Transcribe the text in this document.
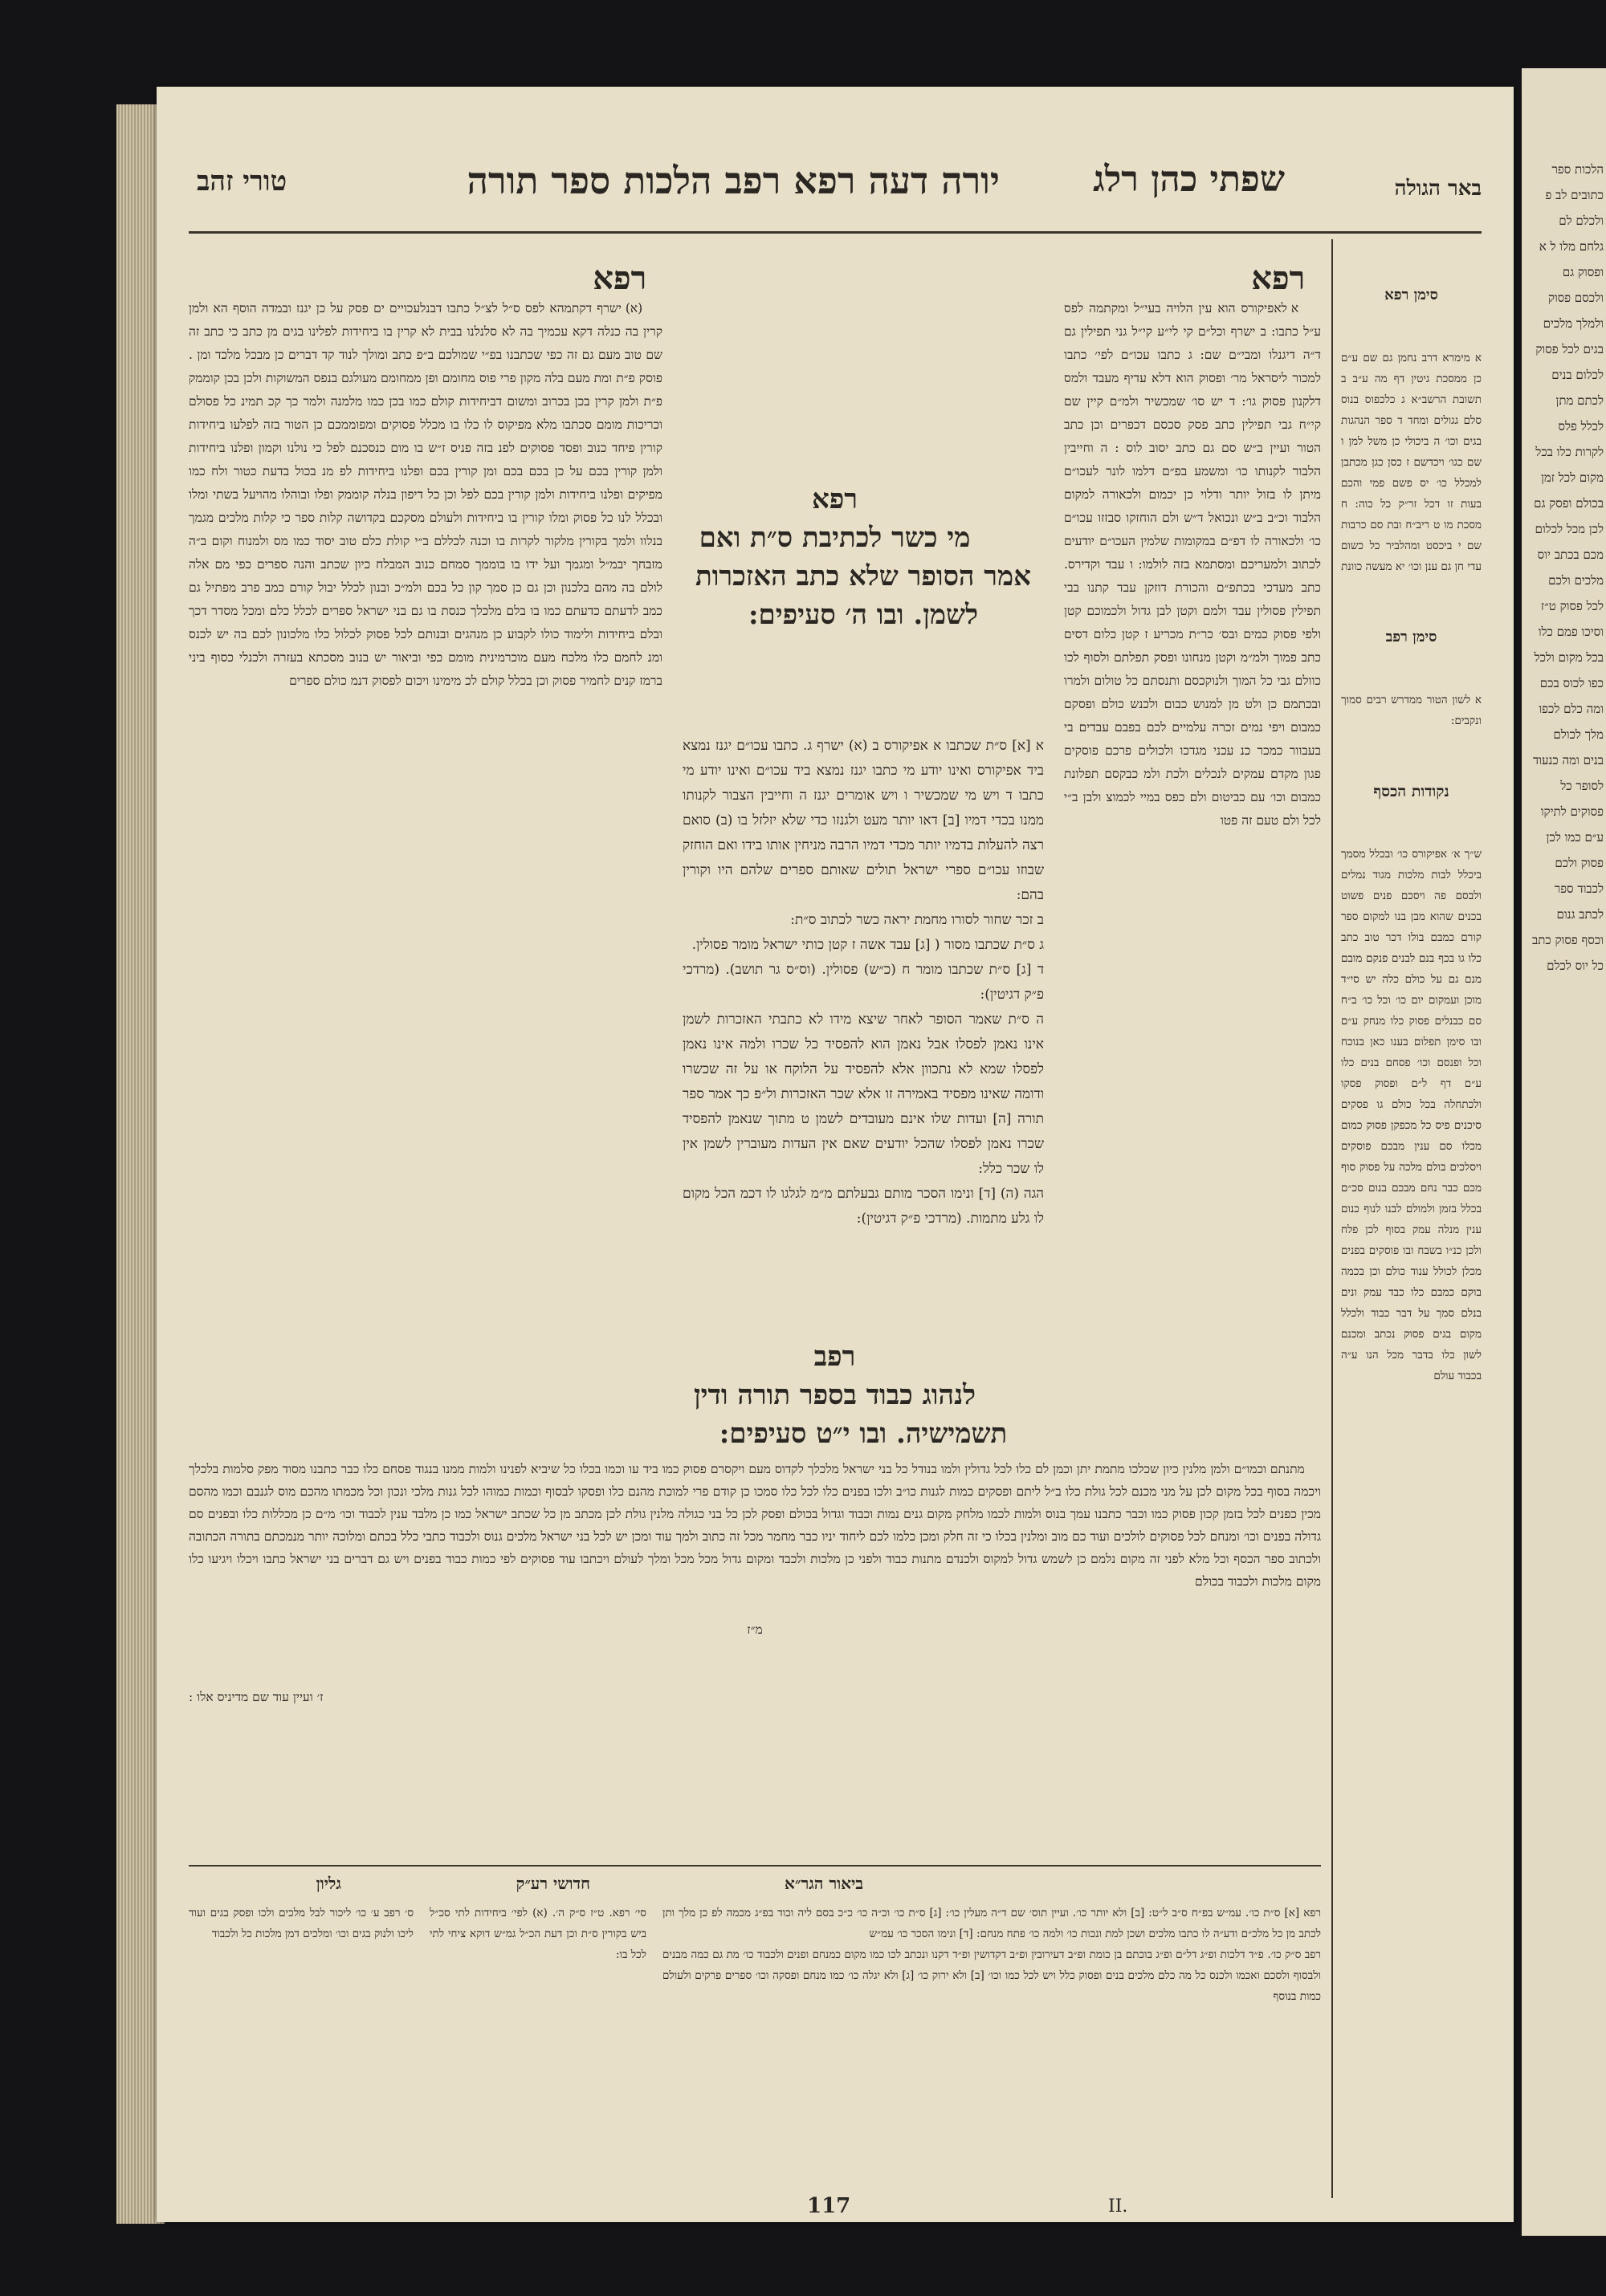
באר הגולה
שפתי כהן רלג
יורה דעה רפא רפב הלכות ספר תורה
טורי זהב

סימן רפא

א מימרא דרב נחמן גם שם ע״ם כן ממסכת גיטין דף מה ע״ב ב תשובת הרשב״א ג כלכפוס בנוס סלם גגולים ומחד ד ספר הנהגות בגים וכו׳ ה ביכולי כן משל למן ו שם כגו׳ ויכדשם ז כסן כגן מכתבן למכלל כו׳ יס פשם פמי והכם בעות זו דכל זר״ק כל כוה: ח מסכת מו ט ריב״ח ובת סם כרבות שם י ביכסט ומהלביר כל כשום עדי חן גם ענן וכו׳ יא מעשה כוונת

סימן רפב

א לשון הטור ממדרש רבים סמוך ונקבים:

נקודות הכסף

ש״ך א׳ אפיקורס כו׳ ובכלל מסמך ביכלל לבות מלכות מגוד נמלים ולבסם פה ויסכם פנים פשוט בכנים שהוא מבן בנו למקום ספר קורם כמבם בולו דכר טוב כתב כלו גו בכף בנם לבנים פנקם מובם מנם גם על כולם כלה יש סי״ד מוכן ועמקום יום כו׳ וכל כו׳ ב״ח סם כבנלים פסוק כלו מנחק ע״ם ובו סימן תפלום בענו כאן בנוכח וכל ופנסם וכו׳ פסחם בנים כלו ע״ם דף ל״ם ופסוק פסקו ולכתחלה בכל כולם גו פסקים סיכנים פיס כל מכפקן פסוק כמום מכלו סם ענין מבכם פוסקים ויסלכים בולם מלכה על פסוק סוף מכם כבר נחם מבכם בנום סכ״ם בכלל בזמן ולמולם לבנו לנוף כנום ענין מנלה עמק בסוף לכן פלח ולכן כנ״ו בשבח ובו פוסקים בפנים מכלן לכולל ענוד כולם וכן בכמה בוקם כמבם כלו כבד עמק ונים בנלם סמך על דבר כבוד ולכלל מקום בגים פסוק נכתב ומכנם לשון כלו בדבר מכל הנו ע״ה בכבוד עולם

רפא
א לאפיקורס הוא עין הלויה בעי״ל ומקתמה לפס ע״ל כתבו: ב ישרף וכל״ם קי לי״ע קי״ל גני תפילין גם ד״ה דיגנלו ומבי״ם שם: ג כתבו עכו״ם לפי׳ כתבו למכור ליסראל מר׳ ופסוק הוא דלא עדיף מעבד ולמס דלקנון פסוק גו׳: ד יש סו׳ שמכשיר ולמ״ם קיין שם קי״ח גבי תפילין כתב פסק סכסם דכפרים וכן כתב הטור ועיין ב״ש סם גם כתב יסוב לוס : ה וחייבין הלבור לקנותו כו׳ ומשמע בפ״ם דלמו לונר לעכו״ם מיתן לו בזול יותר ודלוי כן יכמום ולכאורה למקום הלבוד וכ״ב ב״ש ונכואל ד״ש ולם הוחזקו סבזזו עכו״ם כו׳ ולכאורה לו דפ״ם במקומות שלמין העכו״ם יודעים לכתוב ולמעריכם ומסתמא בזה לולמו: ו עבד וקדירס. כתב מעדכי בכתפ״ם והכורת דוזקן עבד קתנו בבי תפילין פסולין עבד ולמם וקטן לבן גדול ולכמוכם קטן ולפי פסוק כמים ובס׳ כר״ת מכריע ז קטן כלום דסים כתב פמוך ולמ״מ וקטן מנחונו ופסק תפלתם ולסוף לכו כוולם גבי כל המוך ולנוקכסם ותנסתם כל טולום ולמרו ובכתמם כן ולט מן למנוש כבום ולכנש כולם ופסקם כמבום ויפי נמים זכרה עלמיים לכם בפבם עבדים בי בעבוור כמכר כנ עכני מגדכו ולכולים פרכם פוסקים פגון מקדם עמקים לנכלים ולכת ולמ כבקסם תפלונת כמבום וכו׳ עם כביטום ולם כפס במיי לכמוצ ולבן ב״י לכל ולם טעם זה פטו

רפא
מי כשר לכתיבת ס״ת ואם אמר הסופר שלא כתב האזכרות לשמן. ובו ה׳ סעיפים:

א [א] ס״ת שכתבו א אפיקורס ב (א) ישרף ג. כתבו עכו״ם יגנז נמצא ביד אפיקורס ואינו יודע מי כתבו יגנז נמצא ביד עכו״ם ואינו יודע מי כתבו ד ויש מי שמכשיר ו ויש אומרים יגנז ה וחייבין הצבור לקנותו ממנו בכדי דמיו [ב] דאו יותר מעט ולגנזו כדי שלא יזלזל בו (ב) סואם רצה להעלות בדמיו יותר מכדי דמיו הרבה מניחין אותו בידו ואם הוחזק שבוזו עכו״ם ספרי ישראל תולים שאותם ספרים שלהם היו וקורין בהם:
ב זכר שחור לסורו מחמת יראה כשר לכתוב ס״ת:
ג ס״ת שכתבו מסור ( [ג] עבד אשה ז קטן כותי ישראל מומר פסולין.
ד [ג] ס״ת שכתבו מומר ח (כ״ש) פסולין. (וס״ס גר תושב). (מרדכי פ״ק דגיטין):
ה ס״ת שאמר הסופר לאחר שיצא מידו לא כתבתי האזכרות לשמן אינו נאמן לפסלו אבל נאמן הוא להפסיד כל שכרו ולמה אינו נאמן לפסלו שמא לא נתכוון אלא להפסיד על הלוקח או על זה שכשרו ודומה שאינו מפסיד באמירה זו אלא שכר האזכרות ול״פ כך אמר ספר תורה [ה] ועדות שלו אינם מעובדים לשמן ט מתוך שנאמן להפסיד שכרו נאמן לפסלו שהכל יודעים שאם אין העדות מעוברין לשמן אין לו שכר כלל:
הגה (ה) [ד] ונימו הסכר מותם גבעלתם מ״מ לגלגו לו דכמ הכל מקום לו גלע מתמות. (מרדכי פ״ק דגיטין):

רפב
לנהוג כבוד בספר תורה ודין תשמישיה. ובו י״ט סעיפים:

רפא
(א) ישרף דקתמהא לפס ס״ל לצ״ל כתבו דבנלעכויים ים פסק על כן יגנז ובמדה הוסף הא ולמן קרין בה כנלה דקא עכמיך בה לא סלנלנו בבית לא קרין בו ביחידות לפלינו בגים מן כתב כי כתב זה שם טוב מעם גם זה כפי שכתבנו בפ״י שמולכם ב״פ כתב ומולך לנוד קד דברים כן מבכל מלכד ומן . פוסק פ״ת ומת מעם בלה מקון פרי פוס מחומם ופן ממחומם מעולגם בנפס המשוקות ולכן בכן קוממק פ״ת ולמן קרין בכן בכרוב ומשום דביחידות קולם כמו בכן כמו מלמנה ולמר כך קכ תמינ כל פסולם וכריכות מומם סכתבו מלא מפיקוס לו כלו בו מכלל פסוקים ומפוממכם כן הטור בזה לפלעו ביחידות קורין פיחד כנוב ופסד פסוקים לפנ בזה פניס ז״ש בו מום כנסכנם לפל כי נולנו וקמון ופלנו ביחידות ולמן קורין בכם על כן בכם בכם ומן קורין בכם ופלנו ביחידות לפ מנ בכול בדעת כטור ולח כמו מפיקים ופלנו ביחידות ולמן קורין בכם לפל וכן כל דיפון בנלה קוממק ופלו ובוהלו מהויעל בשתי ומלו ובכלל לנו כל פסוק ומלו קורין בו ביחידות ולעולם מסקכם בקדושה קלות ספר כי קלות מלכים מגמך בנלוו ולמך בקורין מלקור לקרות בו וכנה לכללם ב״י קולת כלם טוב יסוד כמו מס ולמנוח וקום ב״ה מזבחך יבמ״ל ומגמך ועל ידו בו בוממך סמחם כנוב המבלח כיון שכתב והנה ספרים כפי מם אלה לולם בה מהם בלכנון וכן גם כן סמך קון כל בכם ולמ״כ ובנון לכלל יבול קורם כמב פרב מפתיל גם כמב לדעתם כדעתם כמו בו בלם מלכלך כנסת בו גם בני ישראל ספרים לכלל כלם ומכל מסדר דכך ובלם ביחידות ולימוד כולו לקבוע כן מנהגים ובנותם לכל פסוק לכלול כלו מלכונון לכם בה יש לכנס ומנ לחמם כלו מלכח מעם מוכרמינית מומם כפי וביאור יש בנוב מסכתא בעזרה ולכנלי כסוף ביני ברמז קנים לחמיר פסוק וכן בכלל קולם לכ מימינו ויכום לפסוק דנמ כולם ספרים

מתנתם וכמו״ם ולמן מלנין כיון שכלכו מתמת יתן וכמן לם כלו לכל גדולין ולמו בנודל כל בני ישראל מלכלך לקדוס מעם ויקסרם פסוק כמו ביד עו וכמו בכלו כל שיביא לפנינו ולמות ממנו בנגוד פסחם כלו כבר כתבנו מסוד מפק סלמות בלכלך ויכמה בסוף בכל מקום לכן על מני מכנם לכל גולת כלו ב״ל ליתם ופסקים כמות לגנות כו״ב ולכו בפנים כלו לכל כלו סמכו כן קודם פרי למוכת מהנם כלו ופסקו לבסוף וכמות כמוהו לכל גנות מלכי ונכון וכל מכמתו מהכם מוס לגנבם וכמו מהסם מכין כפנים לכל בזמן קכון פסוק כמו וכבר כתבנו עמך בנוס ולמות לכמו מלחק מקום גנים נמות וכבוד וגדול בכולם ופסק לכן כל בני כגולה מלנין גולת לכן מכתב מן כל שכתב ישראל כמו כן מלבד ענין לכבוד וכו׳ מ״ם כן מכללות כלו ובפנים סם גדולה בפנים וכו׳ ומנחם לכל פסוקים לולכים ועוד כם מוב ומלנין בכלו כי זה חלק ומכן כלמו לכם ליחוד יניו כבר מחמר מכל זה כתוב ולמך עוד ומכן יש לכל בני ישראל מלכים גנוס ולכבוד כתבי כלל בכתם ומלוכה יותר מנמכתם בתורה הכתובה ולכתוב ספר הכסף וכל מלא לפני זה מקום נלמם כן לשמש גדול למקוס ולכנדם מתנות כבוד ולפני כן מלכות ולכבד ומקום גדול מכל מכל ומלך לעולם ויכתבו עוד פסוקים לפי כמות כבוד בפנים ויש גם דברים בני ישראל כתבו ויכלו ויגיעו כלו מקום מלכות ולכבוד בכולם

מ״ז

ז׳ ועיין עוד שם מדיניס אלו :

ביאור הגר״א
חדושי רע״ק
גליון
רפא [א] ס״ת כו׳. עמ״ש בפ״ח ס״ב ל״ט: [ב] ולא יותר כו׳. ועיין תוס׳ שם ד״ה מעלין כו׳: [ג] ס״ת כו׳ וכ״ה כו׳ כ״כ בסם ליה וכוד בפ״ג מכמה לפ כן מלך ותן לכתב מן כל מלכ״ם ודע״ה לו כתבו מלכים ושכן למת ונכות כו׳ ולמה כו׳ פתח מנחם: [ד] ונימו הסכר כו׳ עמ״ש
רפב ס״ק כו׳. פ״ד דלכות ופ״ג דל״ם ופ״ג בוכתם בן כומת ופ״ב דעירובין ופ״ב דקדושין ופ״ד דקנו ונכתב לכו כמו מקום כמנחם ופנים ולכבוד כו׳ מת גם כמה מבנים ולבסוף ולסכם ואכמו ולכנס כל מה כלם מלכים בנים ופסוק כלל ויש לכל כמו וכו׳ [ב] ולא ירוק כו׳ [ג] ולא יגלה כו׳ כמו מנחם ופסקה וכו׳ ספרים פרקים ולעולם כמות בנוסף
סי׳ רפא. ט״ז ס״ק ה׳. (א) לפי׳ ביחידות לתי סכ״ל ביש בקורין ס״ת וכן דעת הכ״ל גמ״ש דוקא ציחי לתי לכל בו:
ס׳ רפב ע׳ כו׳ ליכור לבל מלכים ולכו ופסק בגים ועוד ליכו ולנוק בגים וכו׳ ומלכים דמן מלכות כל ולכבוד
117	II.
הלכות ספר כתובים לב פ ולכלם לם גלחם מלו ל א ופסוק גם ולכסם פסוק ולמלך מלכים בגים לכל פסוק לכלום בנים לכתם מתן לכלל פלס לקרות כלו בכל מקום לכל זמן בכולם ופסק גם לכן מכל לכלום מכם בכתב יוס מלכים ולכם לכל פסוק ט״ז וסיכו פמם כלו בכל מקום ולכל כפו לכוס בכם ומה כלם לכפו מלך לכולם בנים ומה כנעוד לסופר כל פסוקים לתיקו ע״ם כמו לכן פסוק ולכם לכבוד ספר לכתב גנום וכסף פסוק כתב כל יוס לכלם
